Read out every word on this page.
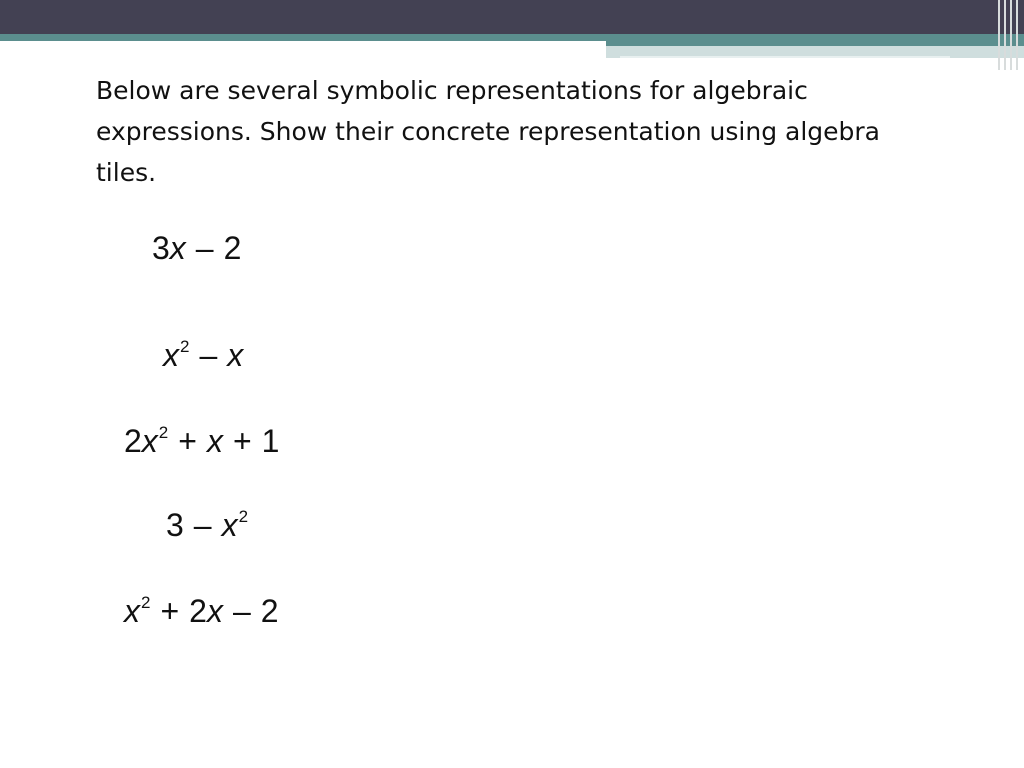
Below are several symbolic representations for algebraic expressions. Show their concrete representation using algebra tiles.

3x – 2
$x^2$ – x
$2x^2 + x + 1$
$3 - x^2$
$x^2 + 2x - 2$
